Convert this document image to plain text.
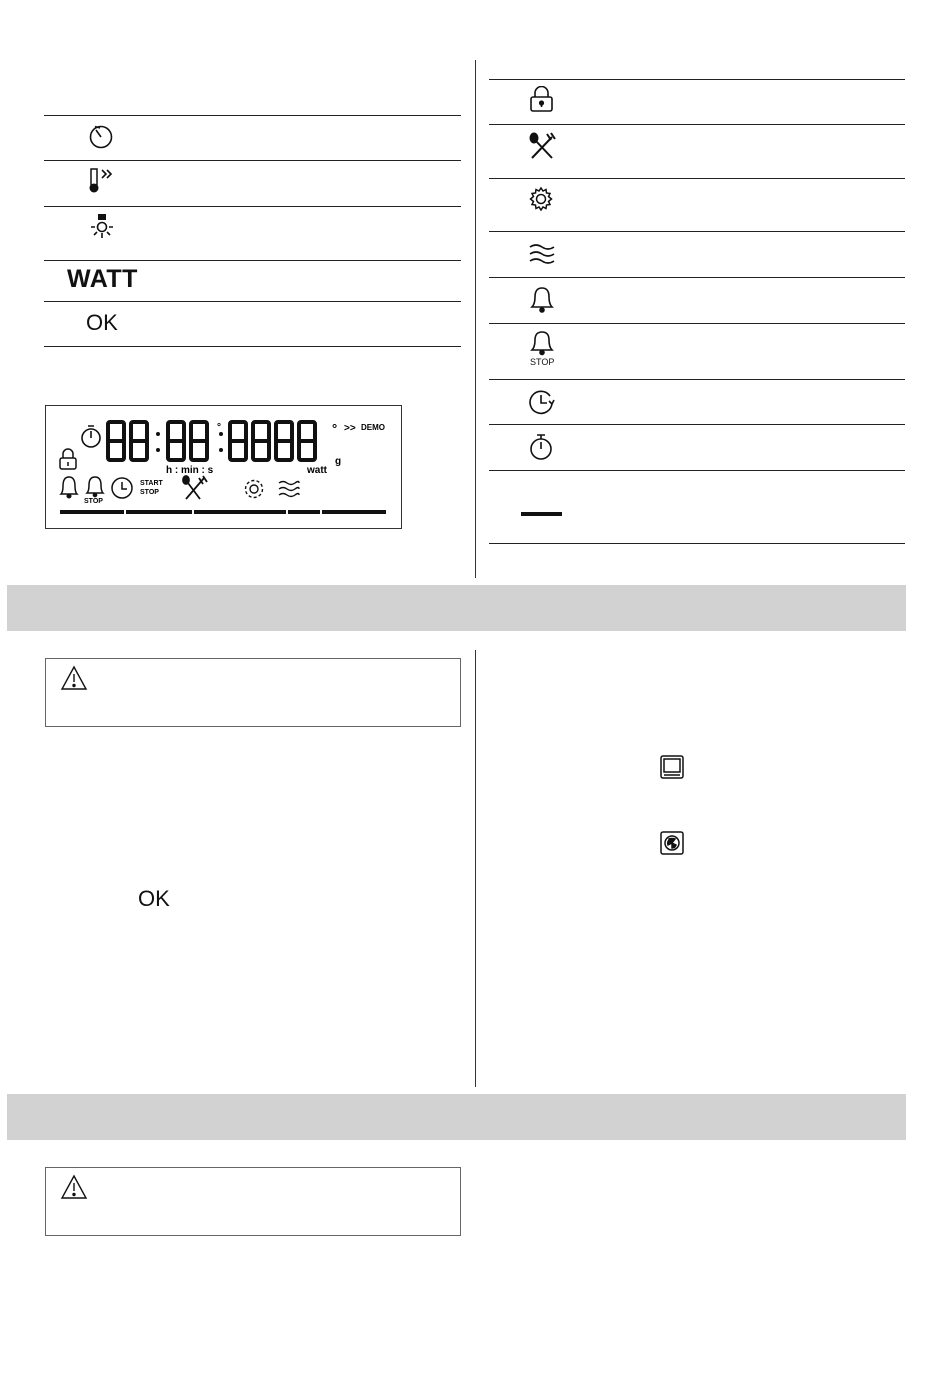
WATT
OK
°	° >> DEMO
h : min : s	watt
g
STOP
START
STOP
STOP
OK
